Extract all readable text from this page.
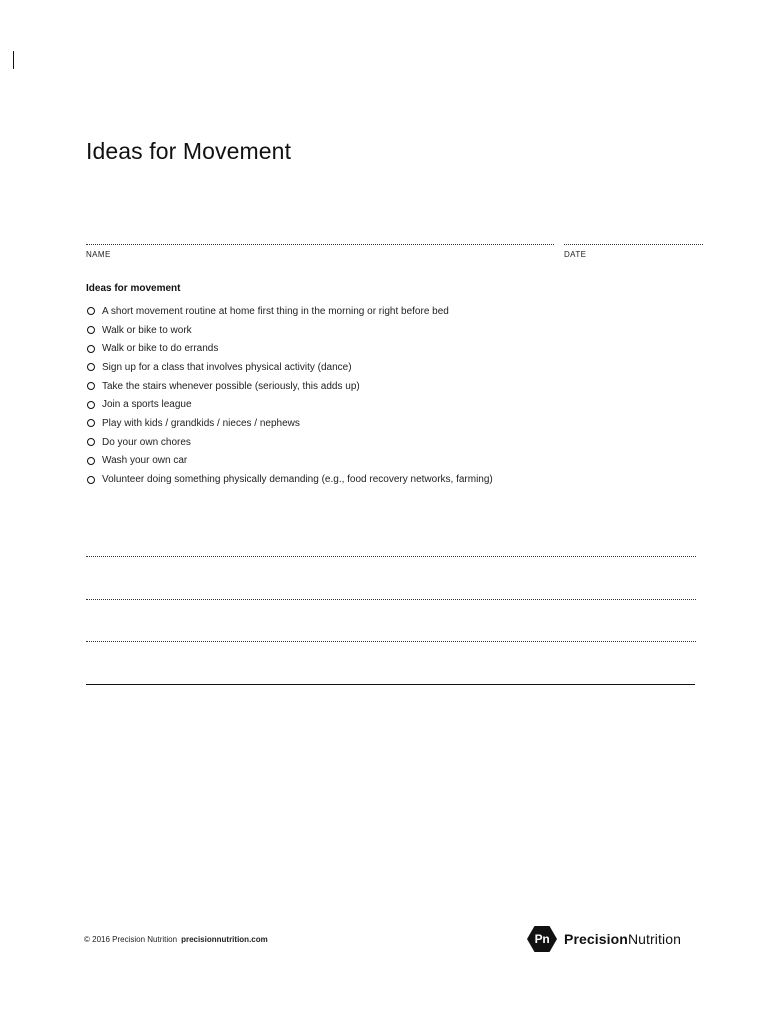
Ideas for Movement
NAME	DATE
Ideas for movement
A short movement routine at home first thing in the morning or right before bed
Walk or bike to work
Walk or bike to do errands
Sign up for a class that involves physical activity (dance)
Take the stairs whenever possible (seriously, this adds up)
Join a sports league
Play with kids / grandkids / nieces / nephews
Do your own chores
Wash your own car
Volunteer doing something physically demanding (e.g., food recovery networks, farming)
© 2016 Precision Nutrition precisionnutrition.com	Pn	PrecisionNutrition
